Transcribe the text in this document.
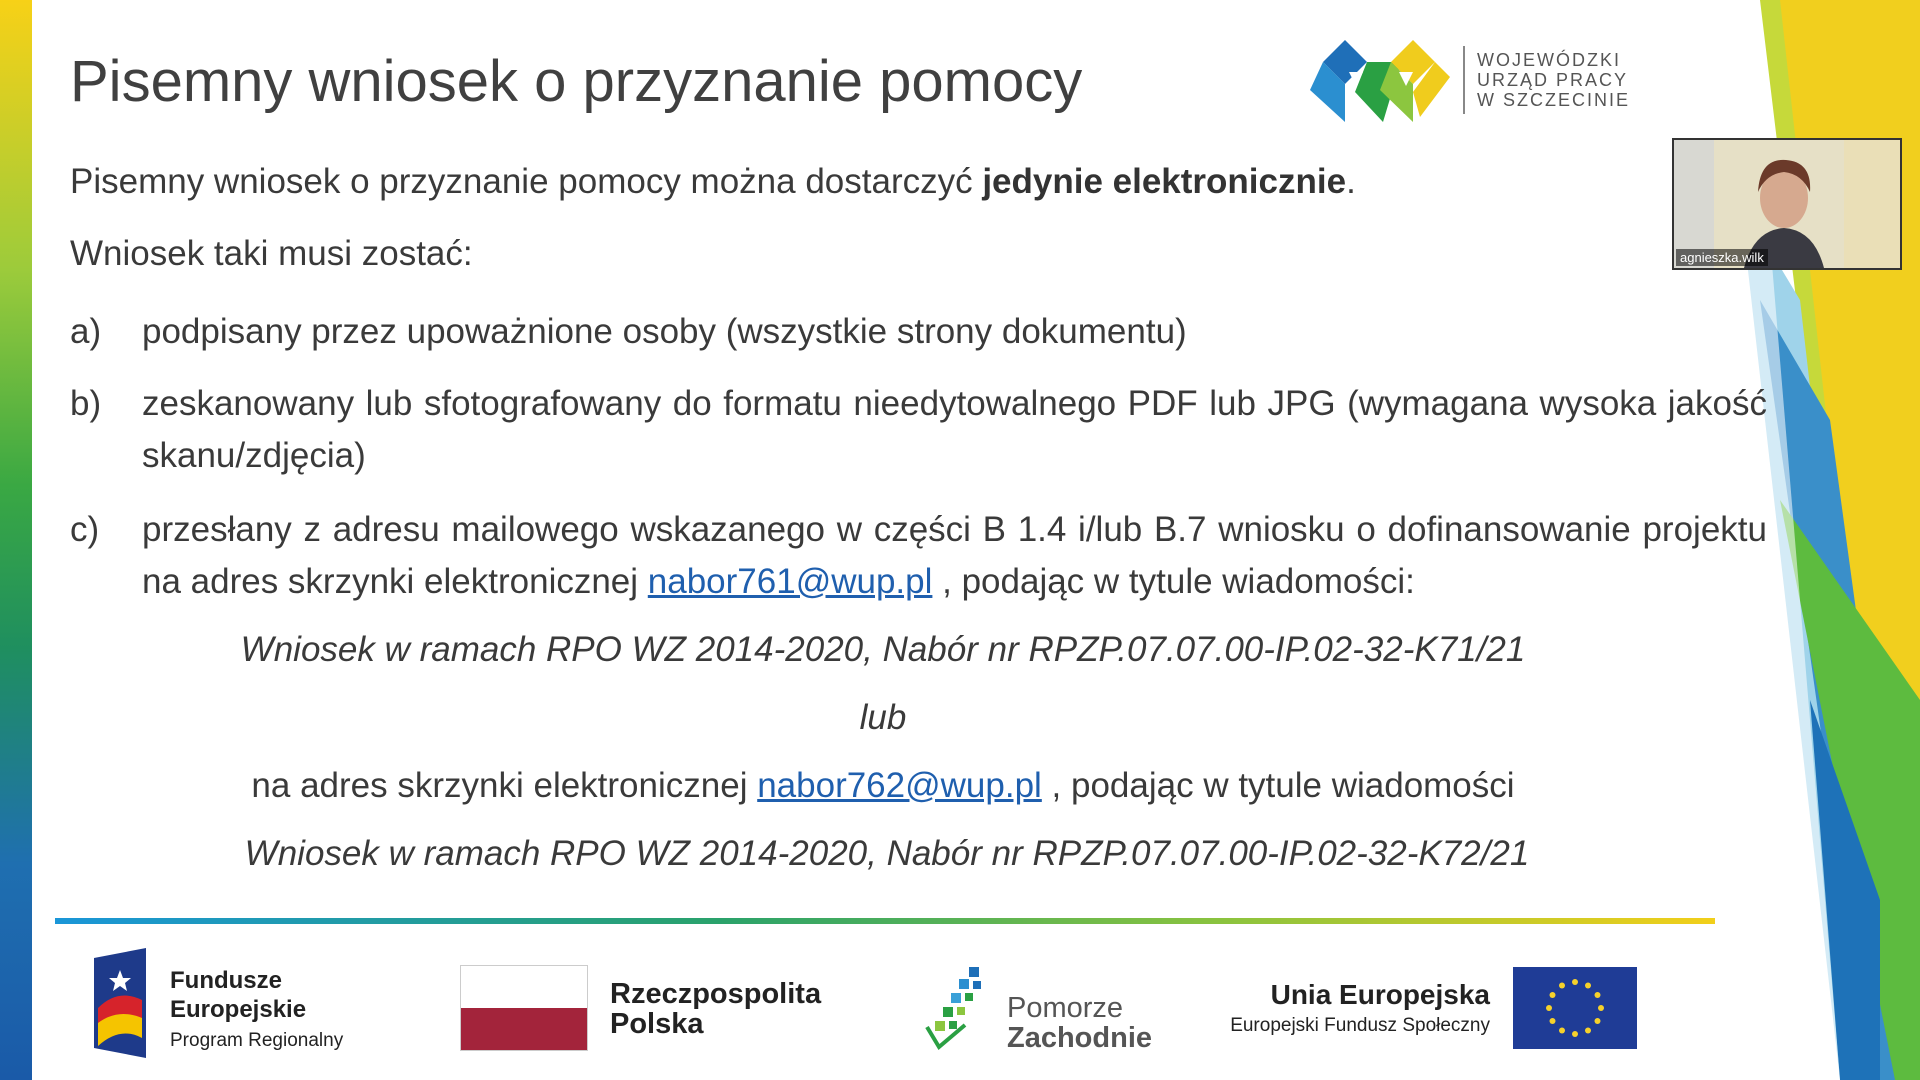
Pisemny wniosek o przyznanie pomocy	WOJEWÓDZKI
URZĄD PRACY
W SZCZECINIE
Pisemny wniosek o przyznanie pomocy można dostarczyć jedynie elektronicznie.
Wniosek taki musi zostać:
a) podpisany przez upoważnione osoby (wszystkie strony dokumentu)
b) zeskanowany lub sfotografowany do formatu nieedytowalnego PDF lub JPG (wymagana wysoka jakość skanu/zdjęcia)
c) przesłany z adresu mailowego wskazanego w części B 1.4 i/lub B.7 wniosku o dofinansowanie projektu na adres skrzynki elektronicznej nabor761@wup.pl , podając w tytule wiadomości:
Wniosek w ramach RPO WZ 2014-2020, Nabór nr RPZP.07.07.00-IP.02-32-K71/21
lub
na adres skrzynki elektronicznej nabor762@wup.pl , podając w tytule wiadomości
Wniosek w ramach RPO WZ 2014-2020, Nabór nr RPZP.07.07.00-IP.02-32-K72/21
Fundusze
Europejskie
Program Regionalny
Rzeczpospolita
Polska	Pomorze
Zachodnie
Unia Europejska
Europejski Fundusz Społeczny
agnieszka.wilk
